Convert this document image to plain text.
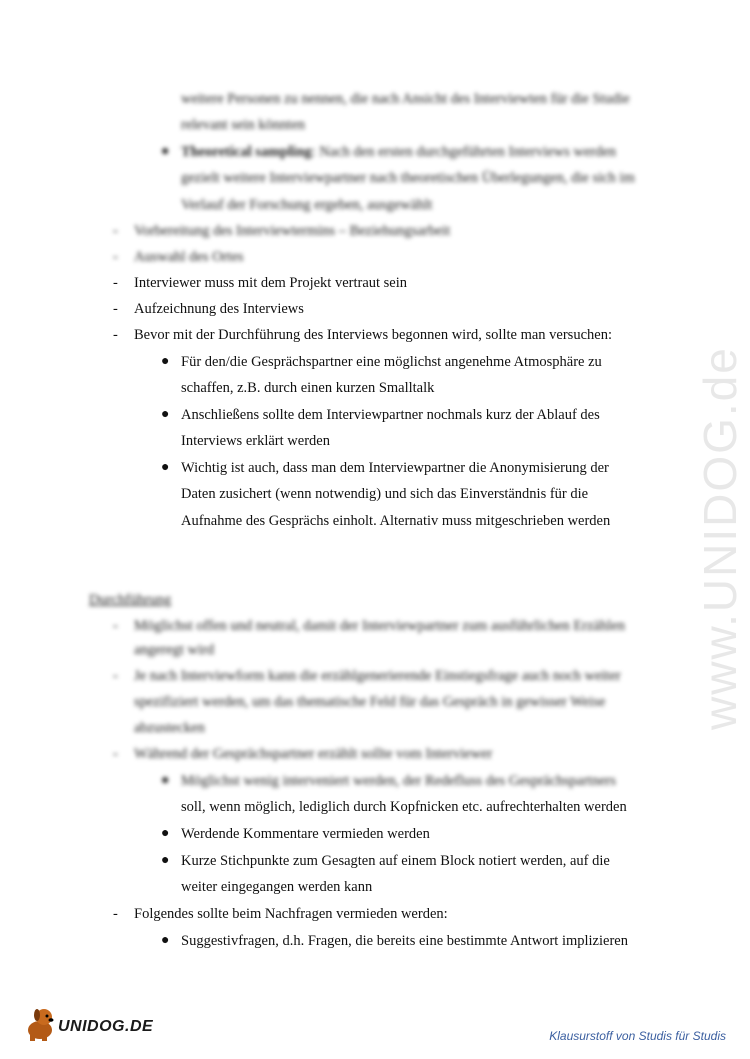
www.UNIDOG.de
weitere Personen zu nennen, die nach Ansicht des Interviewten für die Studie
relevant sein könnten
● Theoretical sampling: Nach den ersten durchgeführten Interviews werden
gezielt weitere Interviewpartner nach theoretischen Überlegungen, die sich im
Verlauf der Forschung ergeben, ausgewählt
- Vorbereitung des Interviewtermins – Beziehungsarbeit
- Auswahl des Ortes
- Interviewer muss mit dem Projekt vertraut sein
- Aufzeichnung des Interviews
- Bevor mit der Durchführung des Interviews begonnen wird, sollte man versuchen:
● Für den/die Gesprächspartner eine möglichst angenehme Atmosphäre zu
schaffen, z.B. durch einen kurzen Smalltalk
● Anschließens sollte dem Interviewpartner nochmals kurz der Ablauf des
Interviews erklärt werden
● Wichtig ist auch, dass man dem Interviewpartner die Anonymisierung der
Daten zusichert (wenn notwendig) und sich das Einverständnis für die
Aufnahme des Gesprächs einholt. Alternativ muss mitgeschrieben werden
Durchführung
- Möglichst offen und neutral, damit der Interviewpartner zum ausführlichen Erzählen
angeregt wird
- Je nach Interviewform kann die erzählgenerierende Einstiegsfrage auch noch weiter
spezifiziert werden, um das thematische Feld für das Gespräch in gewisser Weise
abzustecken
- Während der Gesprächspartner erzählt sollte vom Interviewer
● Möglichst wenig interveniert werden, der Redefluss des Gesprächspartners
soll, wenn möglich, lediglich durch Kopfnicken etc. aufrechterhalten werden
● Werdende Kommentare vermieden werden
● Kurze Stichpunkte zum Gesagten auf einem Block notiert werden, auf die
weiter eingegangen werden kann
- Folgendes sollte beim Nachfragen vermieden werden:
● Suggestivfragen, d.h. Fragen, die bereits eine bestimmte Antwort implizieren
UNIDOG.DE
Klausurstoff von Studis für Studis
